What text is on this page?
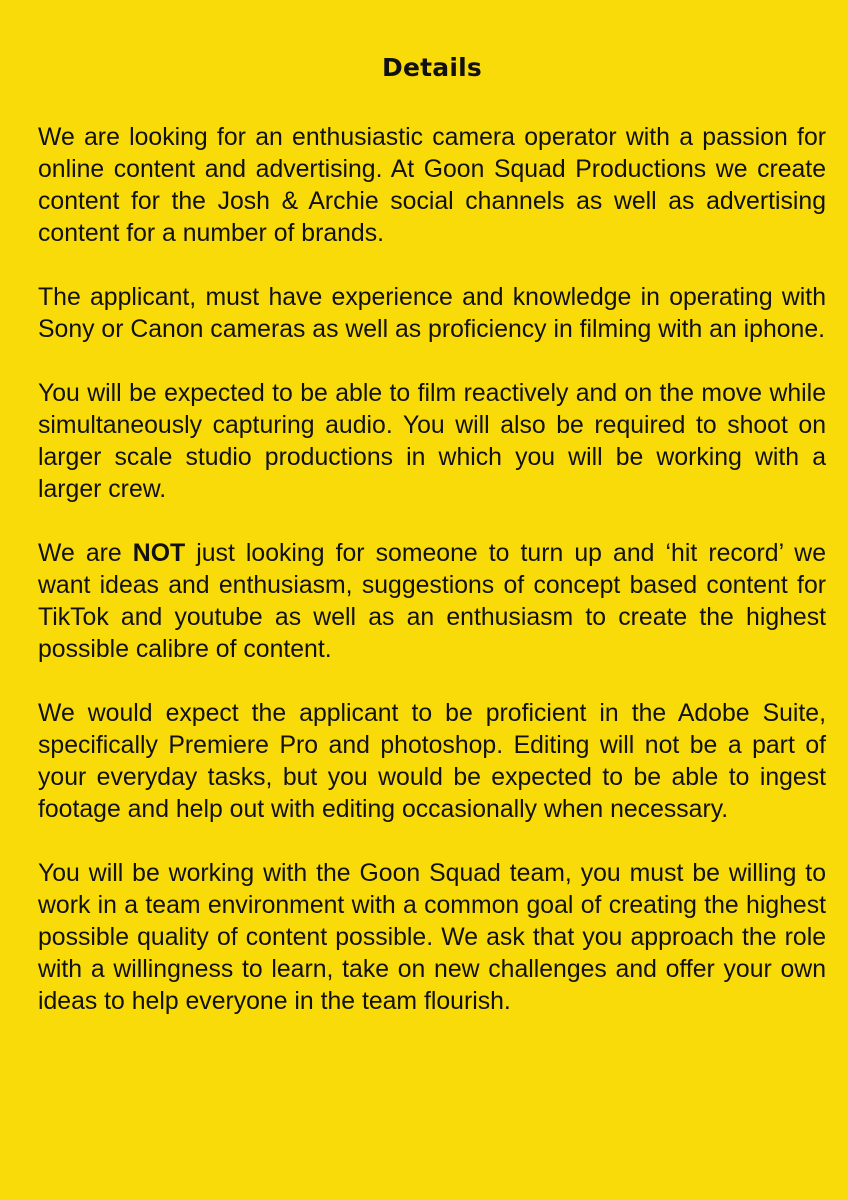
Details

We are looking for an enthusiastic camera operator with a passion for online content and advertising. At Goon Squad Productions we create content for the Josh & Archie social channels as well as advertising content for a number of brands.

The applicant, must have experience and knowledge in operating with Sony or Canon cameras as well as proficiency in filming with an iphone.

You will be expected to be able to film reactively and on the move while simultaneously capturing audio. You will also be required to shoot on larger scale studio productions in which you will be working with a larger crew.

We are NOT just looking for someone to turn up and ‘hit record’ we want ideas and enthusiasm, suggestions of concept based content for TikTok and youtube as well as an enthusiasm to create the highest possible calibre of content.

We would expect the applicant to be proficient in the Adobe Suite, specifically Premiere Pro and photoshop. Editing will not be a part of your everyday tasks, but you would be expected to be able to ingest footage and help out with editing occasionally when necessary.

You will be working with the Goon Squad team, you must be willing to work in a team environment with a common goal of creating the highest possible quality of content possible. We ask that you approach the role with a willingness to learn, take on new challenges and offer your own ideas to help everyone in the team flourish.
